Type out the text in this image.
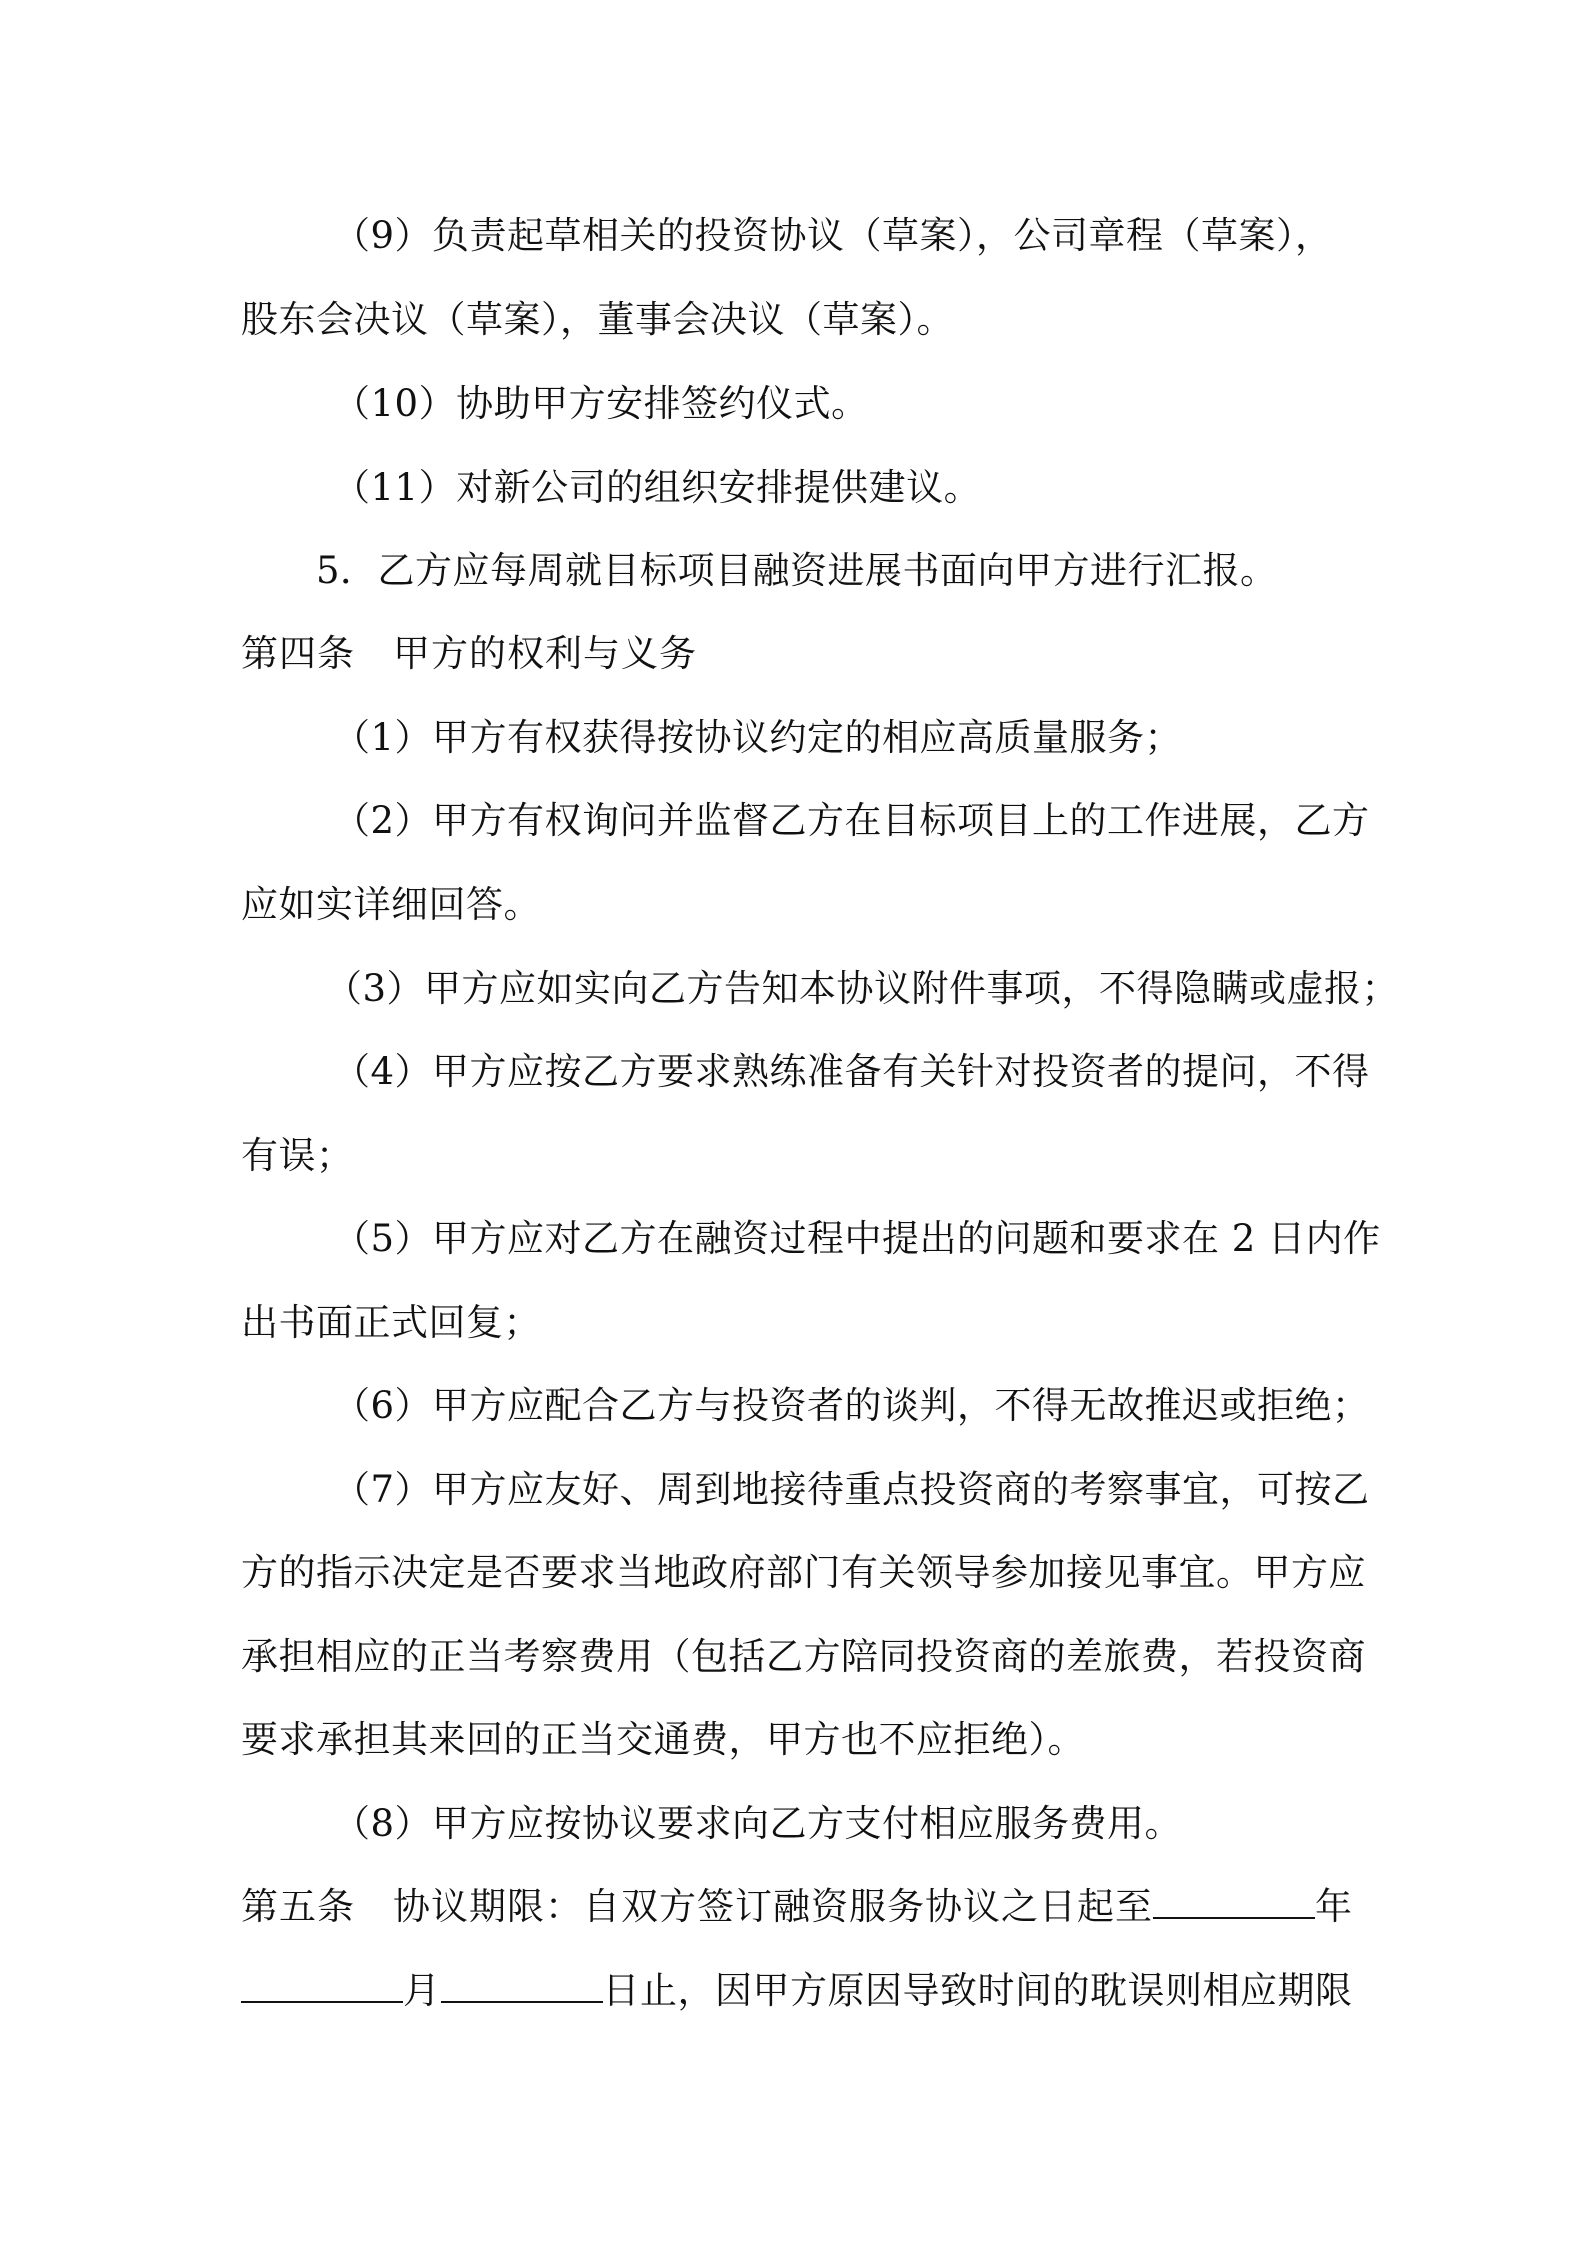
（9）负责起草相关的投资协议（草案），公司章程（草案），
股东会决议（草案），董事会决议（草案）。
（10）协助甲方安排签约仪式。
（11）对新公司的组织安排提供建议。
5．乙方应每周就目标项目融资进展书面向甲方进行汇报。
第四条　甲方的权利与义务
（1）甲方有权获得按协议约定的相应高质量服务；
（2）甲方有权询问并监督乙方在目标项目上的工作进展，乙方
应如实详细回答。
（3）甲方应如实向乙方告知本协议附件事项，不得隐瞒或虚报；
（4）甲方应按乙方要求熟练准备有关针对投资者的提问，不得
有误；
（5）甲方应对乙方在融资过程中提出的问题和要求在 2 日内作
出书面正式回复；
（6）甲方应配合乙方与投资者的谈判，不得无故推迟或拒绝；
（7）甲方应友好、周到地接待重点投资商的考察事宜，可按乙
方的指示决定是否要求当地政府部门有关领导参加接见事宜。甲方应
承担相应的正当考察费用（包括乙方陪同投资商的差旅费，若投资商
要求承担其来回的正当交通费，甲方也不应拒绝）。
（8）甲方应按协议要求向乙方支付相应服务费用。
第五条　协议期限：自双方签订融资服务协议之日起至	年
月	日止，因甲方原因导致时间的耽误则相应期限
